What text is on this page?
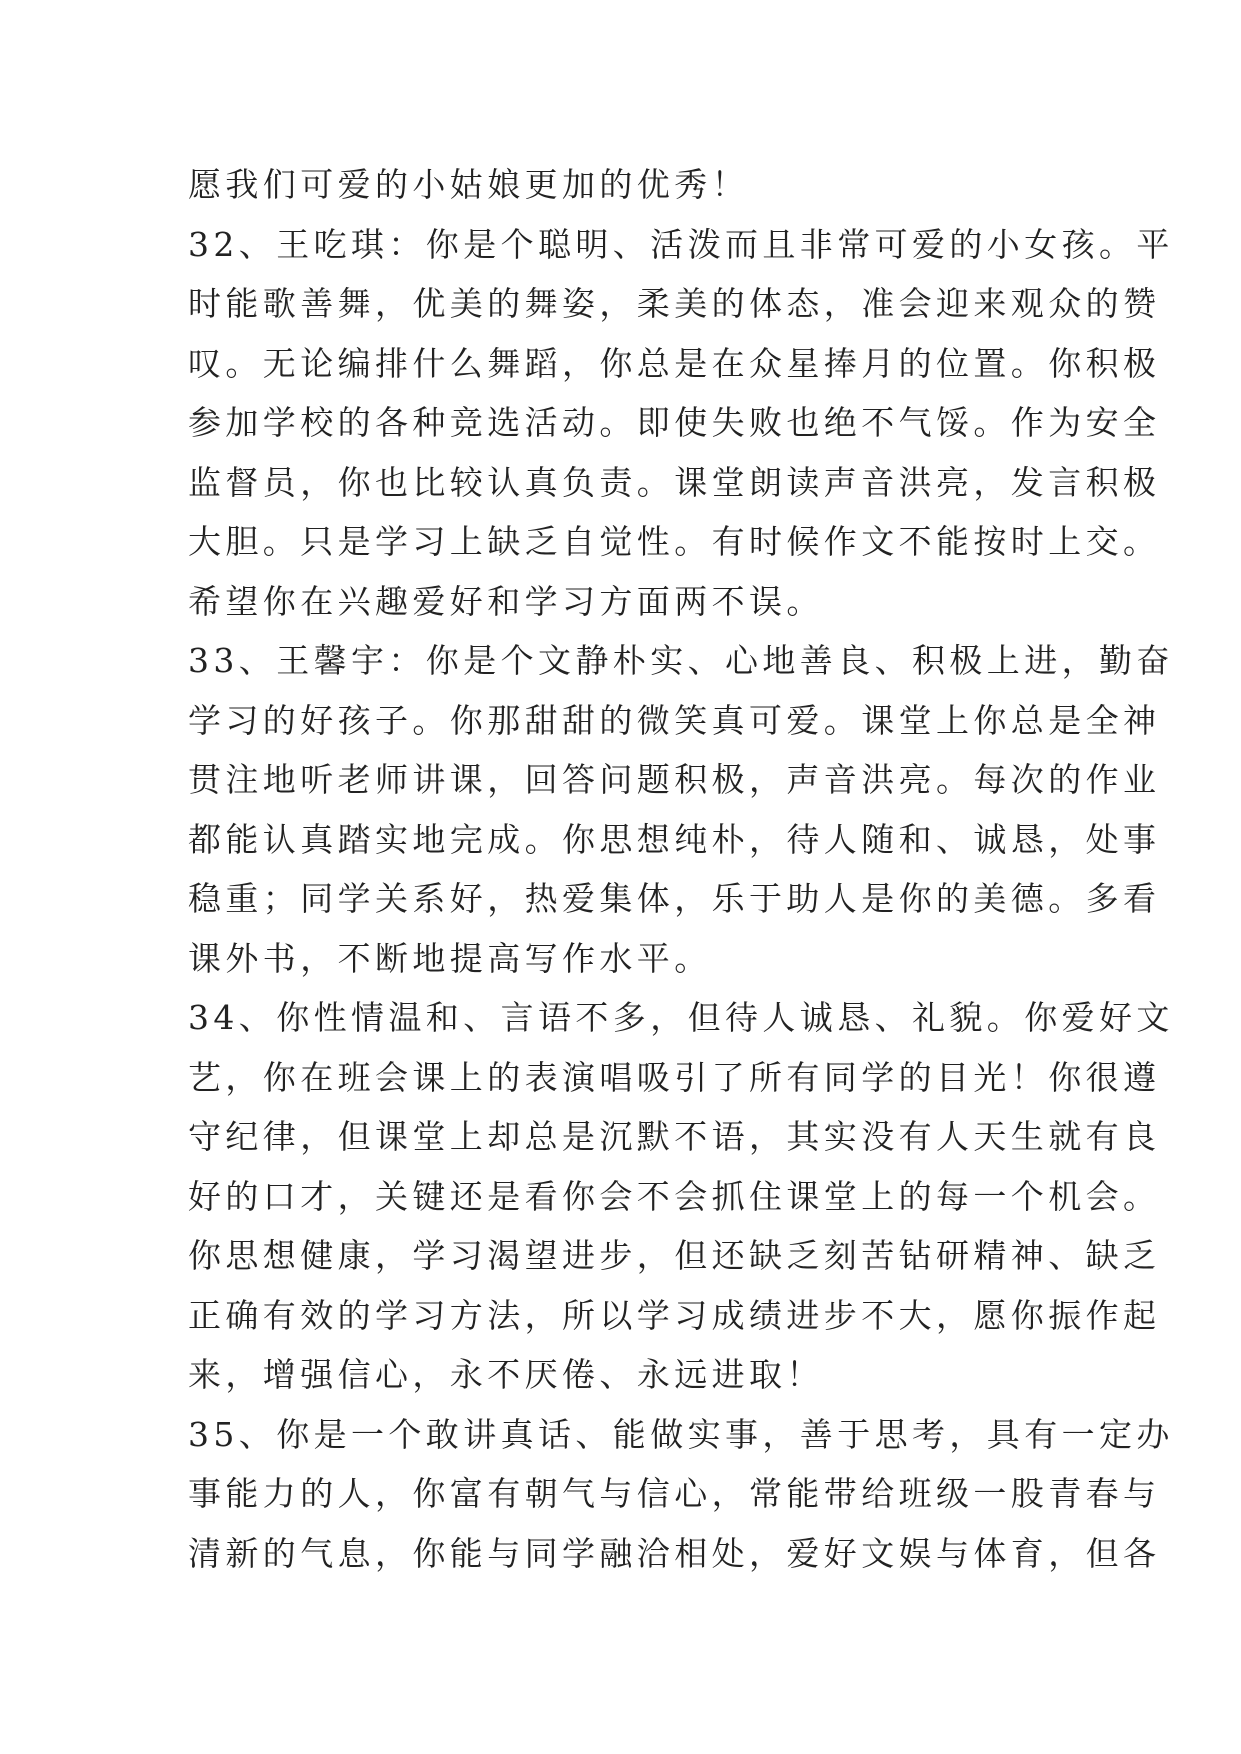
愿我们可爱的小姑娘更加的优秀！
32、王吃琪：你是个聪明、活泼而且非常可爱的小女孩。平
时能歌善舞，优美的舞姿，柔美的体态，准会迎来观众的赞
叹。无论编排什么舞蹈，你总是在众星捧月的位置。你积极
参加学校的各种竞选活动。即使失败也绝不气馁。作为安全
监督员，你也比较认真负责。课堂朗读声音洪亮，发言积极
大胆。只是学习上缺乏自觉性。有时候作文不能按时上交。
希望你在兴趣爱好和学习方面两不误。
33、王馨宇：你是个文静朴实、心地善良、积极上进，勤奋
学习的好孩子。你那甜甜的微笑真可爱。课堂上你总是全神
贯注地听老师讲课，回答问题积极，声音洪亮。每次的作业
都能认真踏实地完成。你思想纯朴，待人随和、诚恳，处事
稳重；同学关系好，热爱集体，乐于助人是你的美德。多看
课外书，不断地提高写作水平。
34、你性情温和、言语不多，但待人诚恳、礼貌。你爱好文
艺，你在班会课上的表演唱吸引了所有同学的目光！你很遵
守纪律，但课堂上却总是沉默不语，其实没有人天生就有良
好的口才，关键还是看你会不会抓住课堂上的每一个机会。
你思想健康，学习渴望进步，但还缺乏刻苦钻研精神、缺乏
正确有效的学习方法，所以学习成绩进步不大，愿你振作起
来，增强信心，永不厌倦、永远进取！
35、你是一个敢讲真话、能做实事，善于思考，具有一定办
事能力的人，你富有朝气与信心，常能带给班级一股青春与
清新的气息，你能与同学融洽相处，爱好文娱与体育，但各
